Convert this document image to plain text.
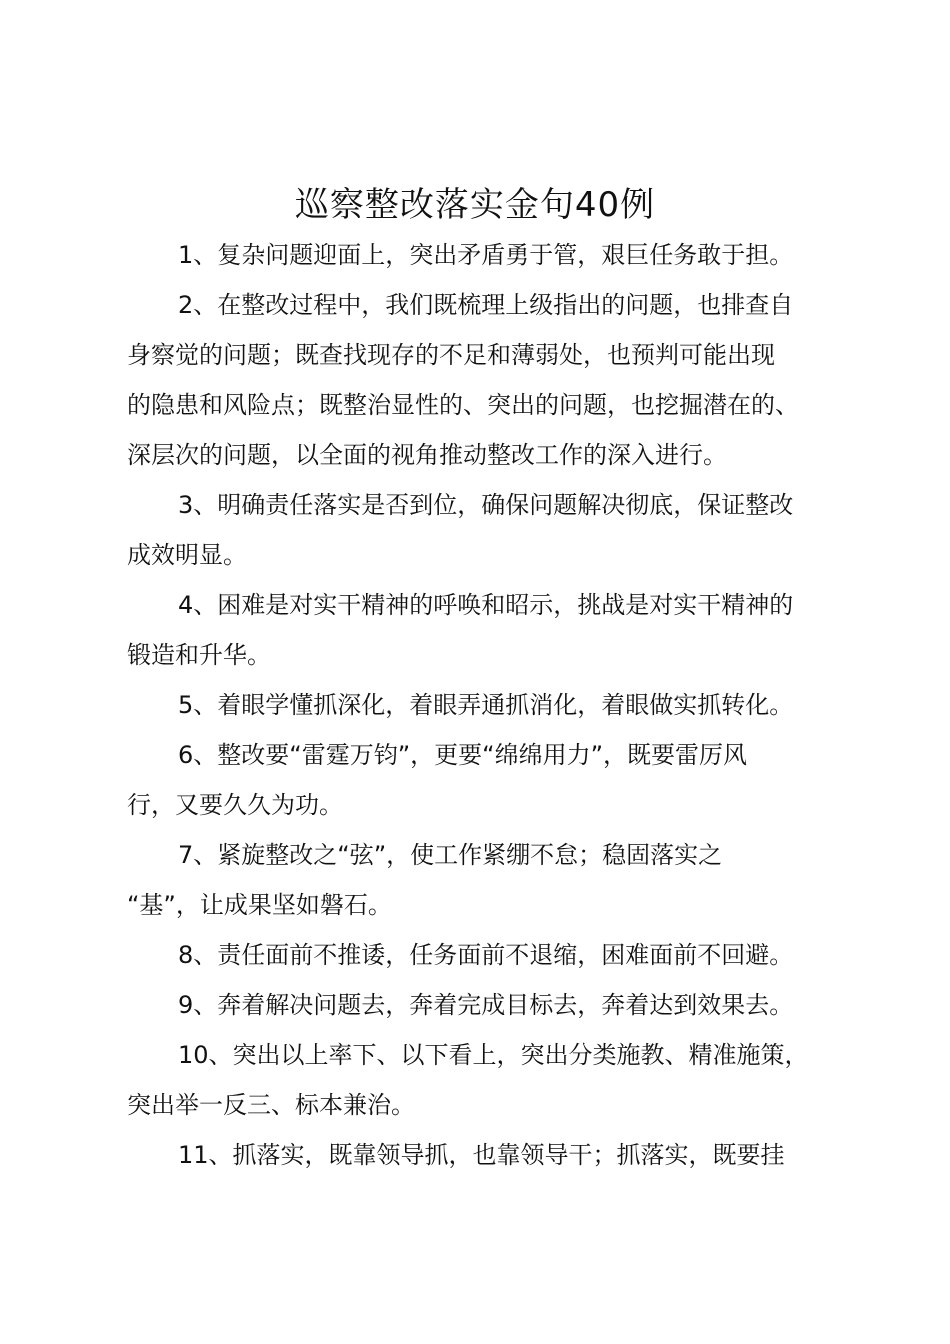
巡察整改落实金句40例
1、复杂问题迎面上，突出矛盾勇于管，艰巨任务敢于担。
2、在整改过程中，我们既梳理上级指出的问题，也排查自
身察觉的问题；既查找现存的不足和薄弱处，也预判可能出现
的隐患和风险点；既整治显性的、突出的问题，也挖掘潜在的、
深层次的问题，以全面的视角推动整改工作的深入进行。
3、明确责任落实是否到位，确保问题解决彻底，保证整改
成效明显。
4、困难是对实干精神的呼唤和昭示，挑战是对实干精神的
锻造和升华。
5、着眼学懂抓深化，着眼弄通抓消化，着眼做实抓转化。
6、整改要“雷霆万钧”，更要“绵绵用力”，既要雷厉风
行，又要久久为功。
7、紧旋整改之“弦”，使工作紧绷不怠；稳固落实之
“基”，让成果坚如磐石。
8、责任面前不推诿，任务面前不退缩，困难面前不回避。
9、奔着解决问题去，奔着完成目标去，奔着达到效果去。
10、突出以上率下、以下看上，突出分类施教、精准施策，
突出举一反三、标本兼治。
11、抓落实，既靠领导抓，也靠领导干；抓落实，既要挂
